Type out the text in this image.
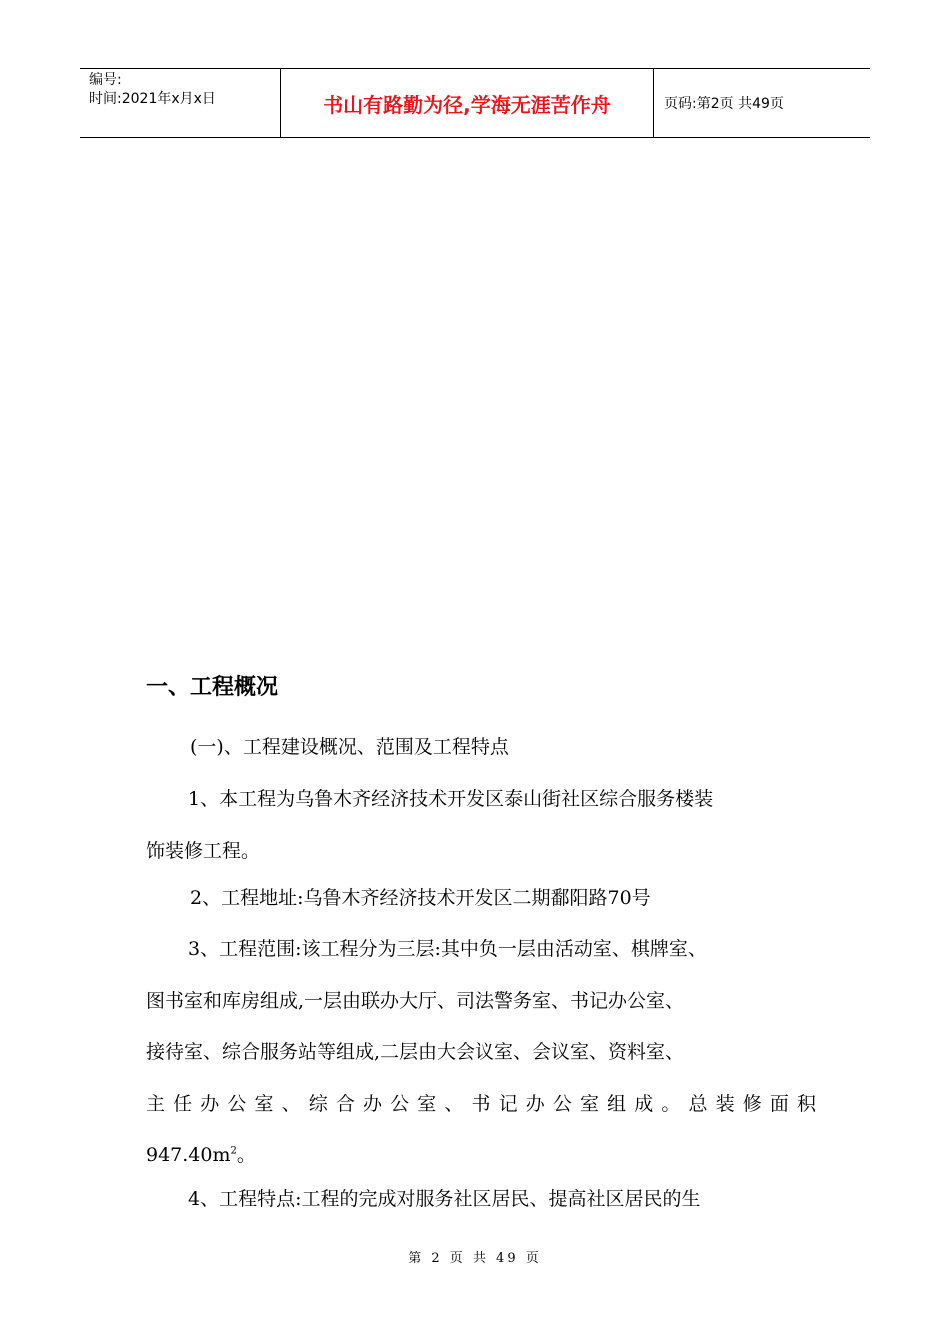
编号:
时间:2021年x月x日	书山有路勤为径,学海无涯苦作舟	页码:第2页 共49页
一、工程概况

(一)、工程建设概况、范围及工程特点

1、本工程为乌鲁木齐经济技术开发区泰山街社区综合服务楼装
饰装修工程。

2、工程地址:乌鲁木齐经济技术开发区二期鄱阳路70号

3、工程范围:该工程分为三层:其中负一层由活动室、棋牌室、
图书室和库房组成,一层由联办大厅、司法警务室、书记办公室、
接待室、综合服务站等组成,二层由大会议室、会议室、资料室、
主任办公室、综合办公室、书记办公室组成。总装修面积
$947.40m^2$。

4、工程特点:工程的完成对服务社区居民、提高社区居民的生

第 2 页 共 49 页
